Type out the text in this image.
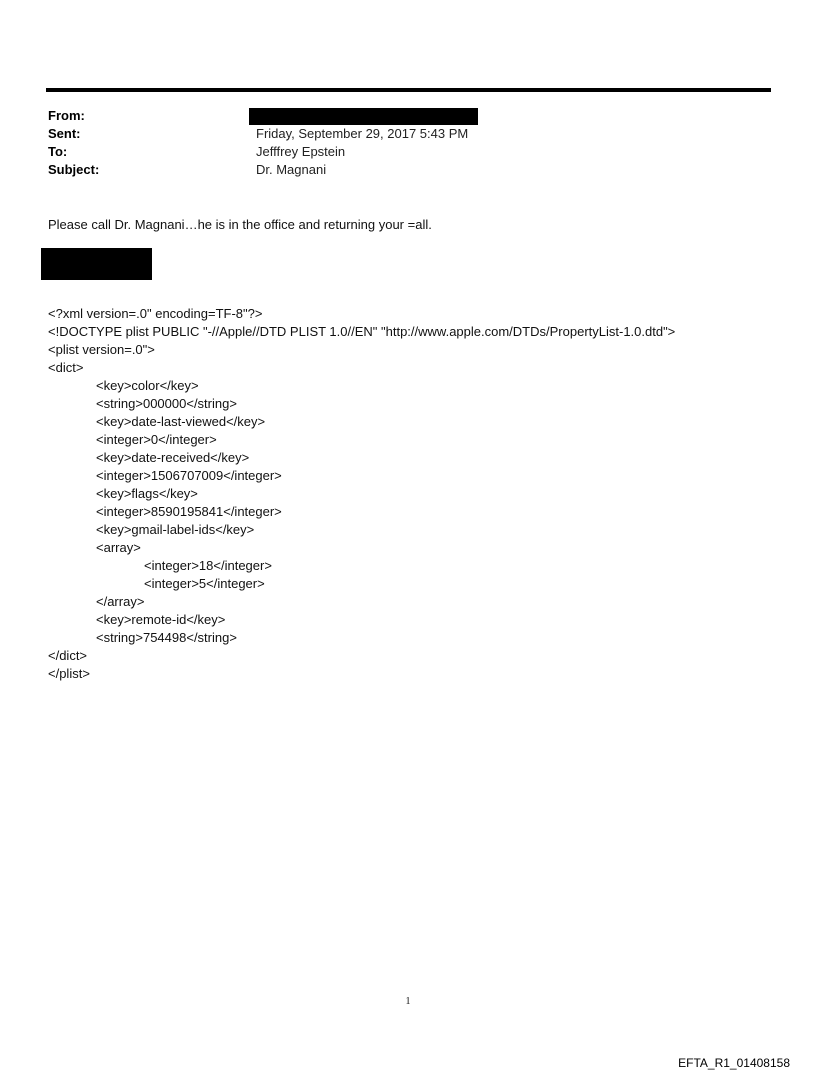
From:
Sent:	Friday, September 29, 2017 5:43 PM
To:	Jefffrey Epstein
Subject:	Dr. Magnani
Please call Dr. Magnani…he is in the office and returning your =all.
<?xml version=.0" encoding=TF-8"?>
<!DOCTYPE plist PUBLIC "-//Apple//DTD PLIST 1.0//EN" "http://www.apple.com/DTDs/PropertyList-1.0.dtd">
<plist version=.0">
<dict>
<key>color</key>
<string>000000</string>
<key>date-last-viewed</key>
<integer>0</integer>
<key>date-received</key>
<integer>1506707009</integer>
<key>flags</key>
<integer>8590195841</integer>
<key>gmail-label-ids</key>
<array>
<integer>18</integer>
<integer>5</integer>
</array>
<key>remote-id</key>
<string>754498</string>
</dict>
</plist>
1
EFTA_R1_01408158
